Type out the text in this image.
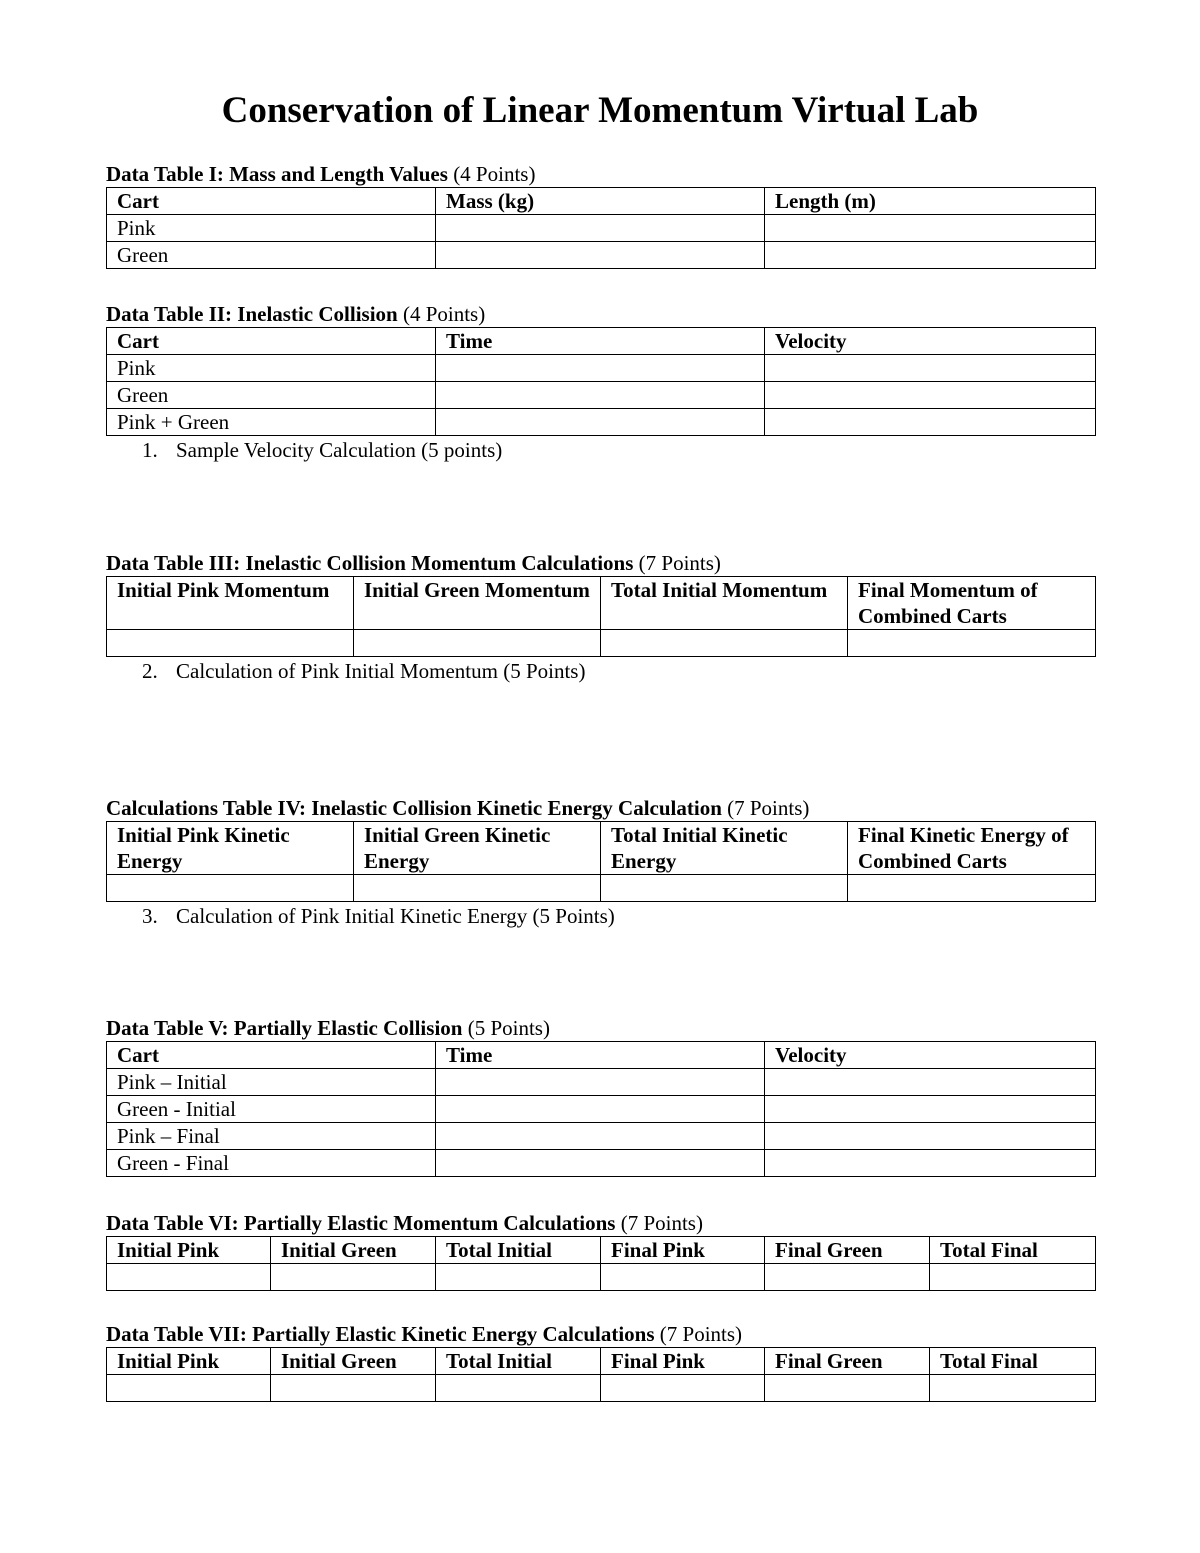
Conservation of Linear Momentum Virtual Lab
Data Table I: Mass and Length Values (4 Points)
Cart	Mass (kg)	Length (m)
Pink		
Green		
Data Table II: Inelastic Collision (4 Points)
Cart	Time	Velocity
Pink		
Green		
Pink + Green		

1. Sample Velocity Calculation (5 points)

Data Table III: Inelastic Collision Momentum Calculations (7 Points)
Initial Pink Momentum	Initial Green Momentum	Total Initial Momentum	Final Momentum of Combined Carts

2. Calculation of Pink Initial Momentum (5 Points)

Calculations Table IV: Inelastic Collision Kinetic Energy Calculation (7 Points)
Initial Pink Kinetic Energy	Initial Green Kinetic Energy	Total Initial Kinetic Energy	Final Kinetic Energy of Combined Carts

3. Calculation of Pink Initial Kinetic Energy (5 Points)

Data Table V: Partially Elastic Collision (5 Points)
Cart	Time	Velocity
Pink – Initial		
Green - Initial		
Pink – Final		
Green - Final		
Data Table VI: Partially Elastic Momentum Calculations (7 Points)
Initial Pink	Initial Green	Total Initial	Final Pink	Final Green	Total Final

Data Table VII: Partially Elastic Kinetic Energy Calculations (7 Points)
Initial Pink	Initial Green	Total Initial	Final Pink	Final Green	Total Final
